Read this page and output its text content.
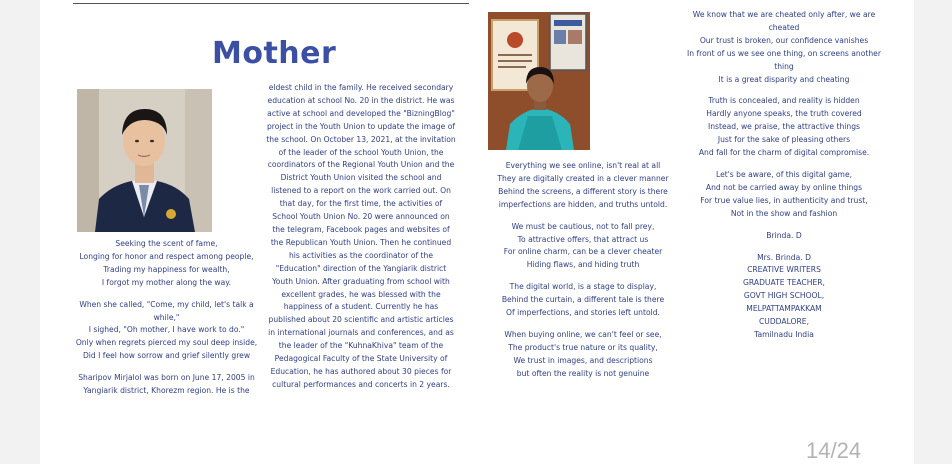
Mother

Seeking the scent of fame,

Longing for honor and respect among people,

Trading my happiness for wealth,

I forgot my mother along the way.

When she called, "Come, my child, let's talk a while,"

I sighed, "Oh mother, I have work to do."

Only when regrets pierced my soul deep inside,

Did I feel how sorrow and grief silently grew

Sharipov Mirjalol was born on June 17, 2005 in Yangiarik district, Khorezm region. He is the

eldest child in the family. He received secondary education at school No. 20 in the district. He was active at school and developed the "BizningBlog" project in the Youth Union to update the image of the school. On October 13, 2021, at the invitation of the leader of the school Youth Union, the coordinators of the Regional Youth Union and the District Youth Union visited the school and listened to a report on the work carried out. On that day, for the first time, the activities of School Youth Union No. 20 were announced on the telegram, Facebook pages and websites of the Republican Youth Union. Then he continued his activities as the coordinator of the "Education" direction of the Yangiarik district Youth Union. After graduating from school with excellent grades, he was blessed with the happiness of a student. Currently he has published about 20 scientific and artistic articles in international journals and conferences, and as the leader of the "KuhnaKhiva" team of the Pedagogical Faculty of the State University of Education, he has authored about 30 pieces for cultural performances and concerts in 2 years.

Everything we see online, isn't real at all

They are digitally created in a clever manner

Behind the screens, a different story is there

imperfections are hidden, and truths untold.

We must be cautious, not to fall prey,

To attractive offers, that attract us

For online charm, can be a clever cheater

Hiding flaws, and hiding truth

The digital world, is a stage to display,

Behind the curtain, a different tale is there

Of imperfections, and stories left untold.

When buying online, we can't feel or see,

The product's true nature or its quality,

We trust in images, and descriptions

but often the reality is not genuine

We know that we are cheated only after, we are cheated

Our trust is broken, our confidence vanishes

In front of us we see one thing, on screens another thing

It is a great disparity and cheating

Truth is concealed, and reality is hidden

Hardly anyone speaks, the truth covered

Instead, we praise, the attractive things

Just for the sake of pleasing others

And fall for the charm of digital compromise.

Let's be aware, of this digital game,

And not be carried away by online things

For true value lies, in authenticity and trust,

Not in the show and fashion

Brinda. D

Mrs. Brinda. D

CREATIVE WRITERS

GRADUATE TEACHER,

GOVT HIGH SCHOOL,

MELPATTAMPAKKAM

CUDDALORE,

Tamilnadu India

14/24
